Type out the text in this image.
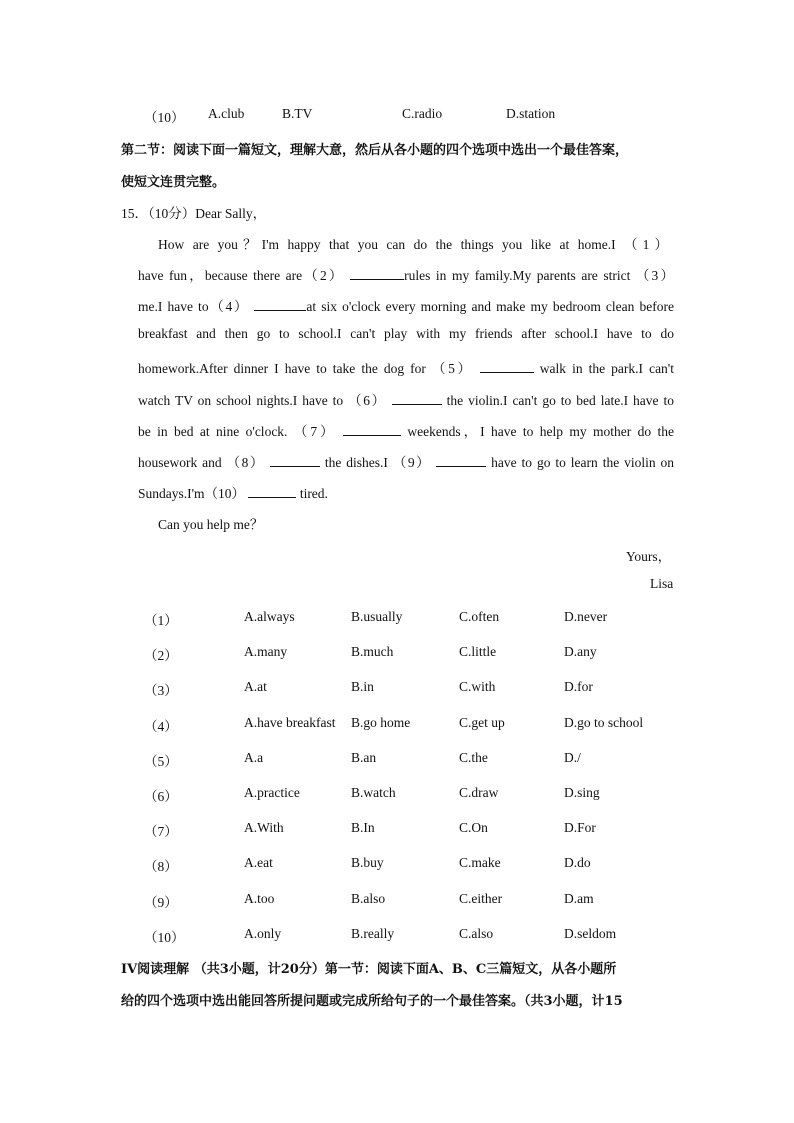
（10） A.club	B.TV	C.radio	D.station
第二节：阅读下面一篇短文，理解大意，然后从各小题的四个选项中选出一个最佳答案，
使短文连贯完整。
15．（10分）Dear Sally，
How are you？I'm happy that you can do the things you like at home.I （1）
have fun，because there are（2）	rules in my family.My parents are strict （3）
me.I have to（4）	at six o'clock every morning and make my bedroom clean before
breakfast and then go to school.I can't play with my friends after school.I have to do
homework.After dinner I have to take the dog for （5）	walk in the park.I can't
watch TV on school nights.I have to （6）	the violin.I can't go to bed late.I have to
be in bed at nine o'clock. （7）	weekends，I have to help my mother do the
housework and （8）	the dishes.I （9）	have to go to learn the violin on
Sundays.I'm（10）	tired.
Can you help me？
Yours，
Lisa
（1）	A.always	B.usually	C.often	D.never
（2）	A.many	B.much	C.little	D.any
（3）	A.at	B.in	C.with	D.for
（4）	A.have breakfast B.go home	C.get up	D.go to school
（5）	A.a	B.an	C.the	D./
（6）	A.practice	B.watch	C.draw	D.sing
（7）	A.With	B.In	C.On	D.For
（8）	A.eat	B.buy	C.make	D.do
（9）	A.too	B.also	C.either	D.am
（10）	A.only	B.really	C.also	D.seldom
IV阅读理解 （共3小题，计20分）第一节：阅读下面A、B、C三篇短文，从各小题所
给的四个选项中选出能回答所提问题或完成所给句子的一个最佳答案。（共3小题，计15
